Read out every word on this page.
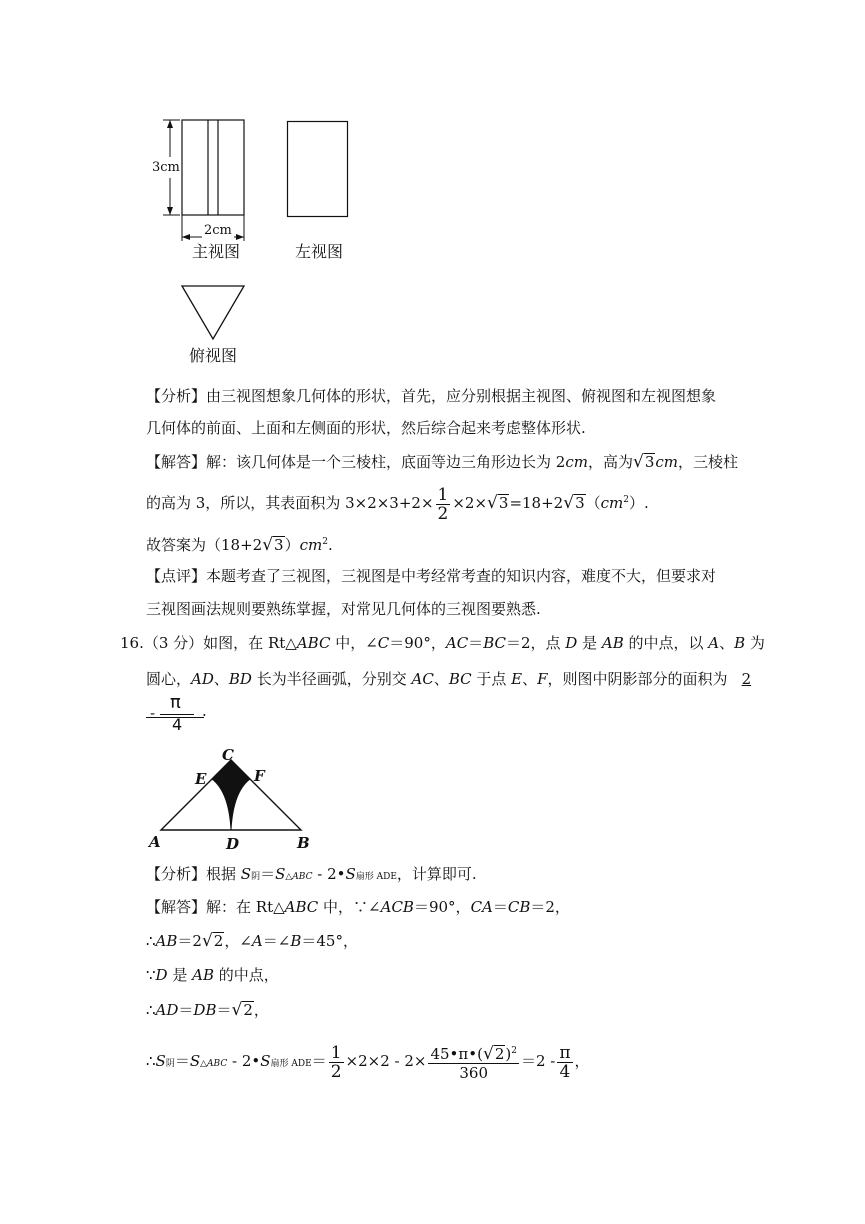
3cm
2cm
主视图	左视图
俯视图
【分析】由三视图想象几何体的形状，首先，应分别根据主视图、俯视图和左视图想象
几何体的前面、上面和左侧面的形状，然后综合起来考虑整体形状.
【解答】解：该几何体是一个三棱柱，底面等边三角形边长为 2cm，高为√3cm，三棱柱
的高为 3，所以，其表面积为 $3\times 2\times 3+2\times \frac{1}{2} \times 2\times√3=18+2√3(cm^2)$.
故答案为$(18+2√3)cm^2$.
【点评】本题考查了三视图，三视图是中考经常考查的知识内容，难度不大，但要求对
三视图画法规则要熟练掌握，对常见几何体的三视图要熟悉.
16.（3 分）如图，在 Rt△ABC 中，∠C＝90°，AC＝BC＝2，点 D 是 AB 的中点，以 A、B 为
圆心，AD、BD 长为半径画弧，分别交 AC、BC 于点 E、F，则图中阴影部分的面积为 2
- π
4
.
C
E	F
A	D	B
【分析】根据 S阴＝S△ABC - 2•S扇形 ADE，计算即可.
【解答】解：在 Rt△ABC 中，∵∠ACB＝90°，CA＝CB＝2，
∴AB＝2√2，∠A＝∠B＝45°，
∵D 是 AB 的中点，
∴AD＝DB＝√2，
∴S阴＝S△ABC - 2•S扇形 $ADE= \frac{1}{2} \times 2\times 2 - 2\times \frac{45•\pi•(√2)^2}{360} =2 - \frac{\pi}{4}$ ，
